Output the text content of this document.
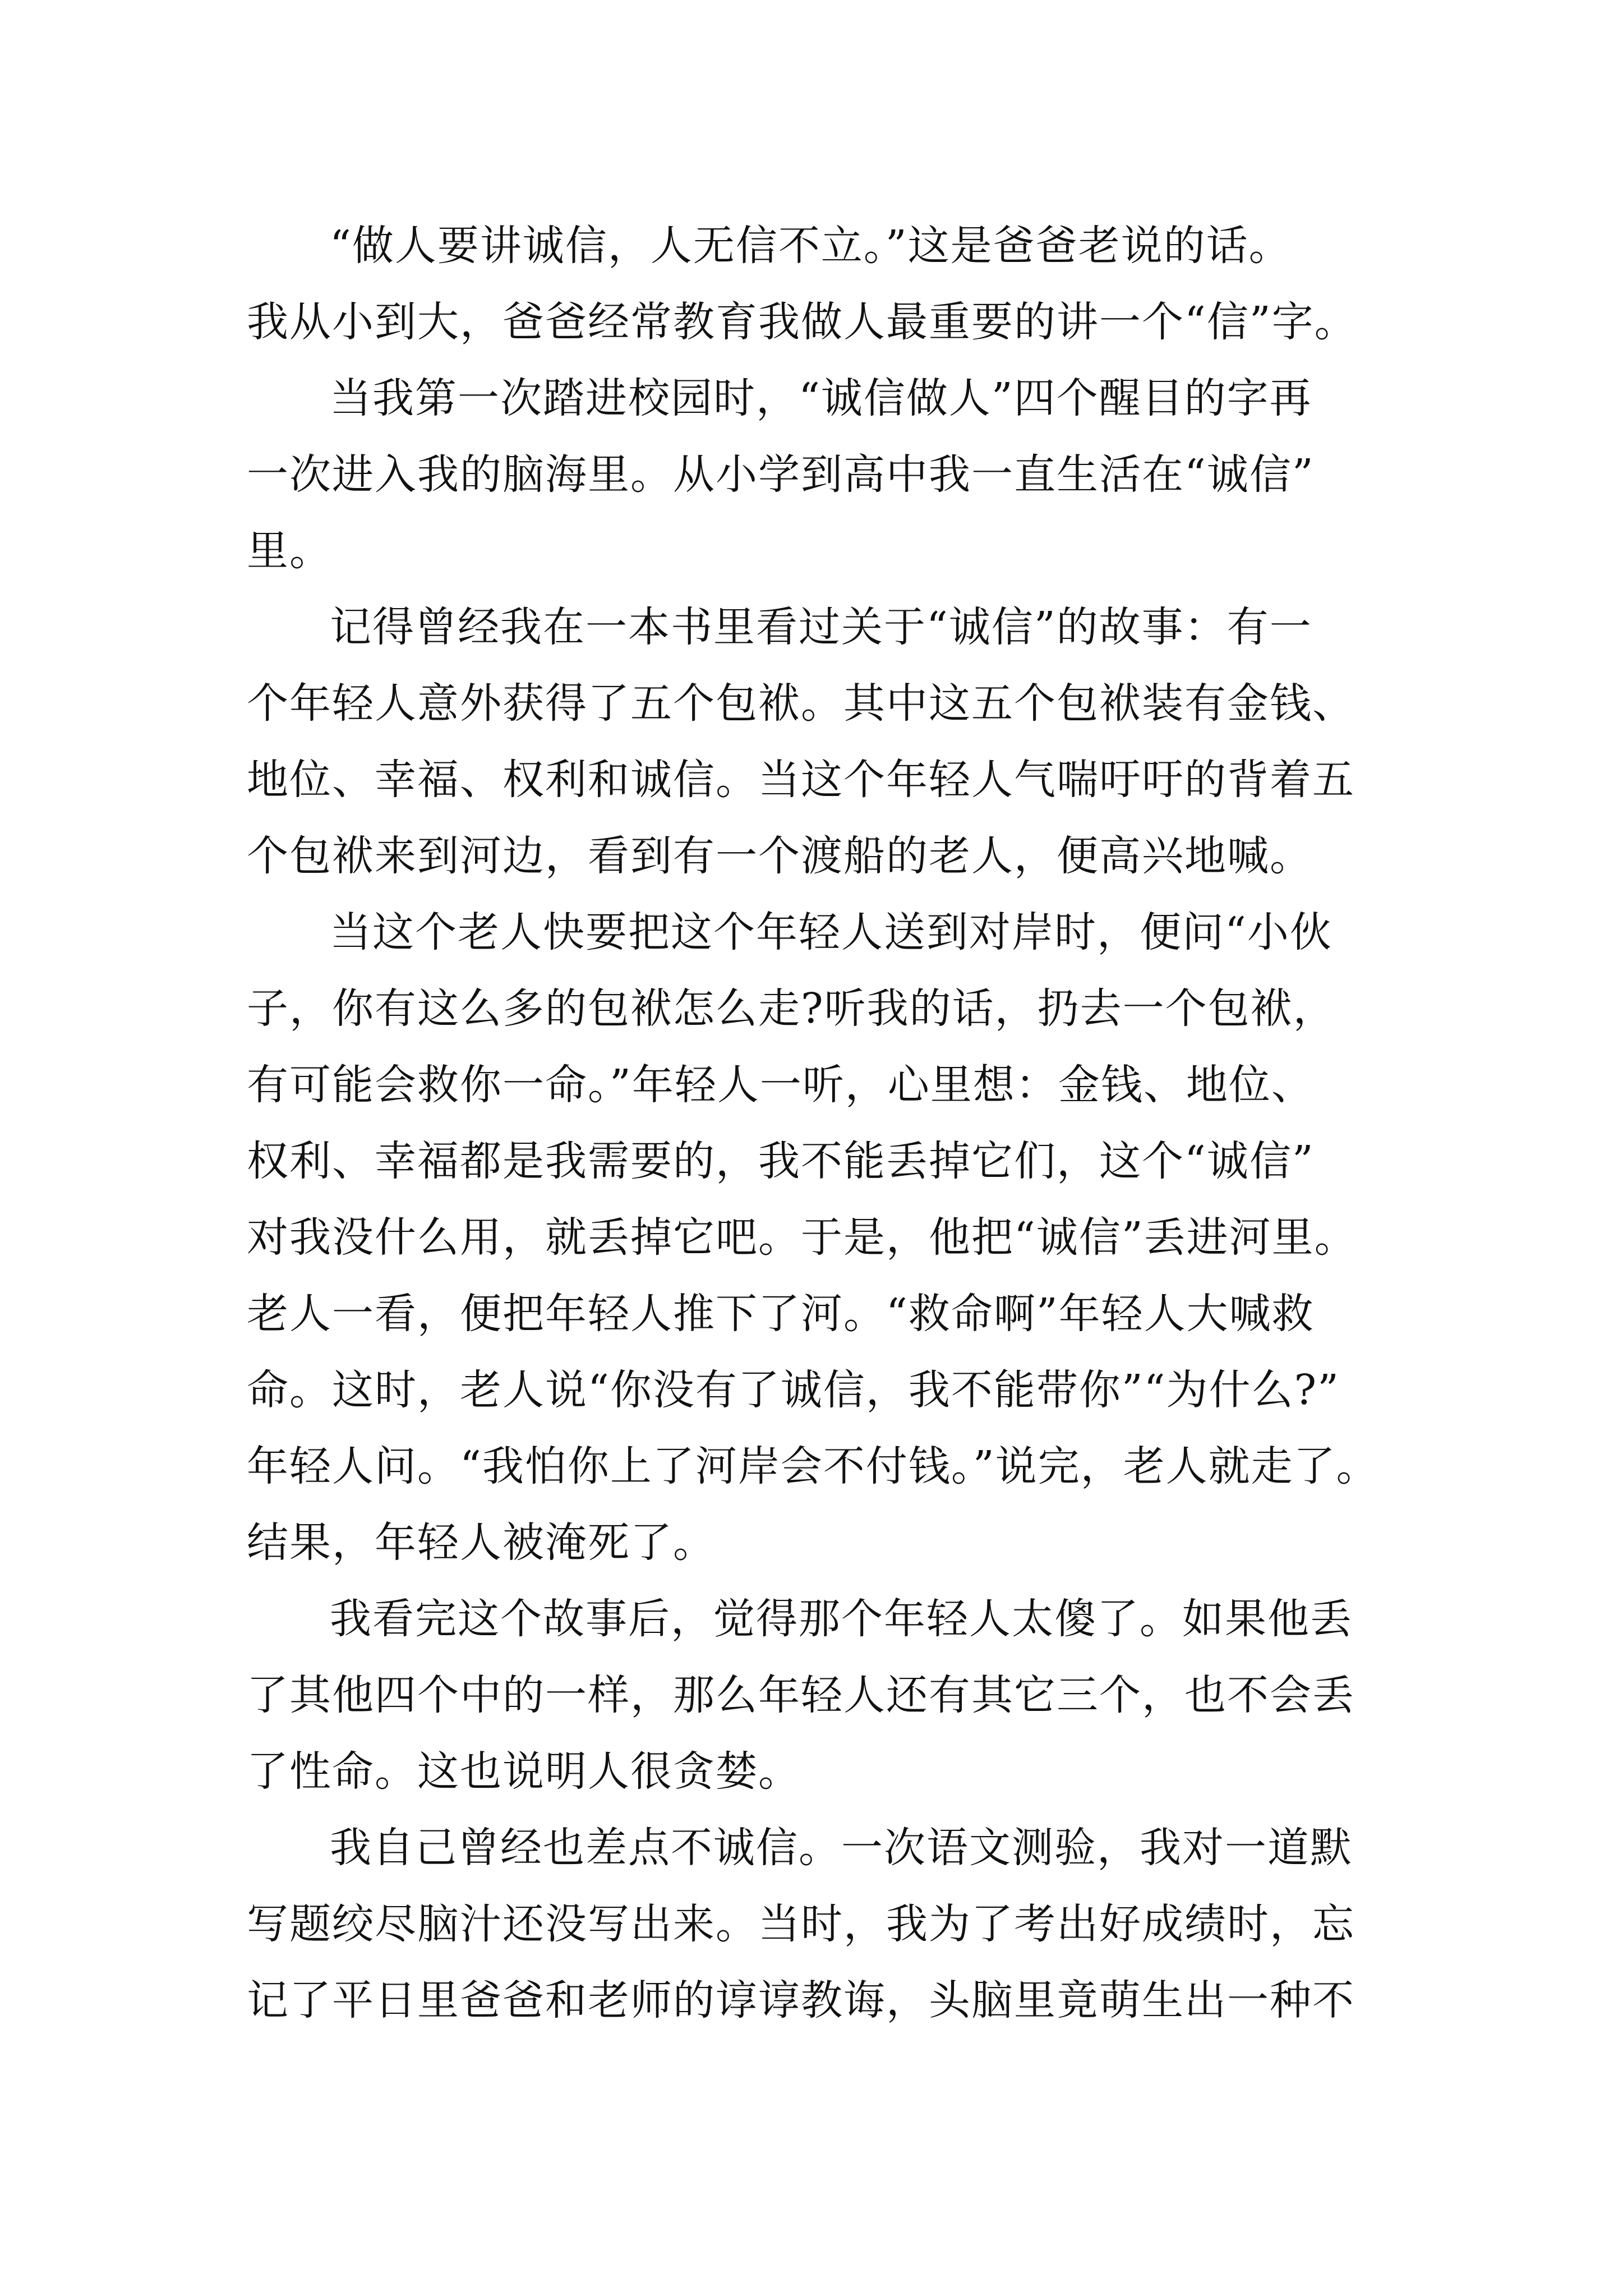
“做人要讲诚信，人无信不立。”这是爸爸老说的话。
我从小到大，爸爸经常教育我做人最重要的讲一个“信”字。
当我第一次踏进校园时，“诚信做人”四个醒目的字再
一次进入我的脑海里。从小学到高中我一直生活在“诚信”
里。
记得曾经我在一本书里看过关于“诚信”的故事：有一
个年轻人意外获得了五个包袱。其中这五个包袱装有金钱、
地位、幸福、权利和诚信。当这个年轻人气喘吁吁的背着五
个包袱来到河边，看到有一个渡船的老人，便高兴地喊。
当这个老人快要把这个年轻人送到对岸时，便问“小伙
子，你有这么多的包袱怎么走?听我的话，扔去一个包袱，
有可能会救你一命。”年轻人一听，心里想：金钱、地位、
权利、幸福都是我需要的，我不能丢掉它们，这个“诚信”
对我没什么用，就丢掉它吧。于是，他把“诚信”丢进河里。
老人一看，便把年轻人推下了河。“救命啊”年轻人大喊救
命。这时，老人说“你没有了诚信，我不能带你”“为什么?”
年轻人问。“我怕你上了河岸会不付钱。”说完，老人就走了。
结果，年轻人被淹死了。
我看完这个故事后，觉得那个年轻人太傻了。如果他丢
了其他四个中的一样，那么年轻人还有其它三个，也不会丢
了性命。这也说明人很贪婪。
我自己曾经也差点不诚信。一次语文测验，我对一道默
写题绞尽脑汁还没写出来。当时，我为了考出好成绩时，忘
记了平日里爸爸和老师的谆谆教诲，头脑里竟萌生出一种不
